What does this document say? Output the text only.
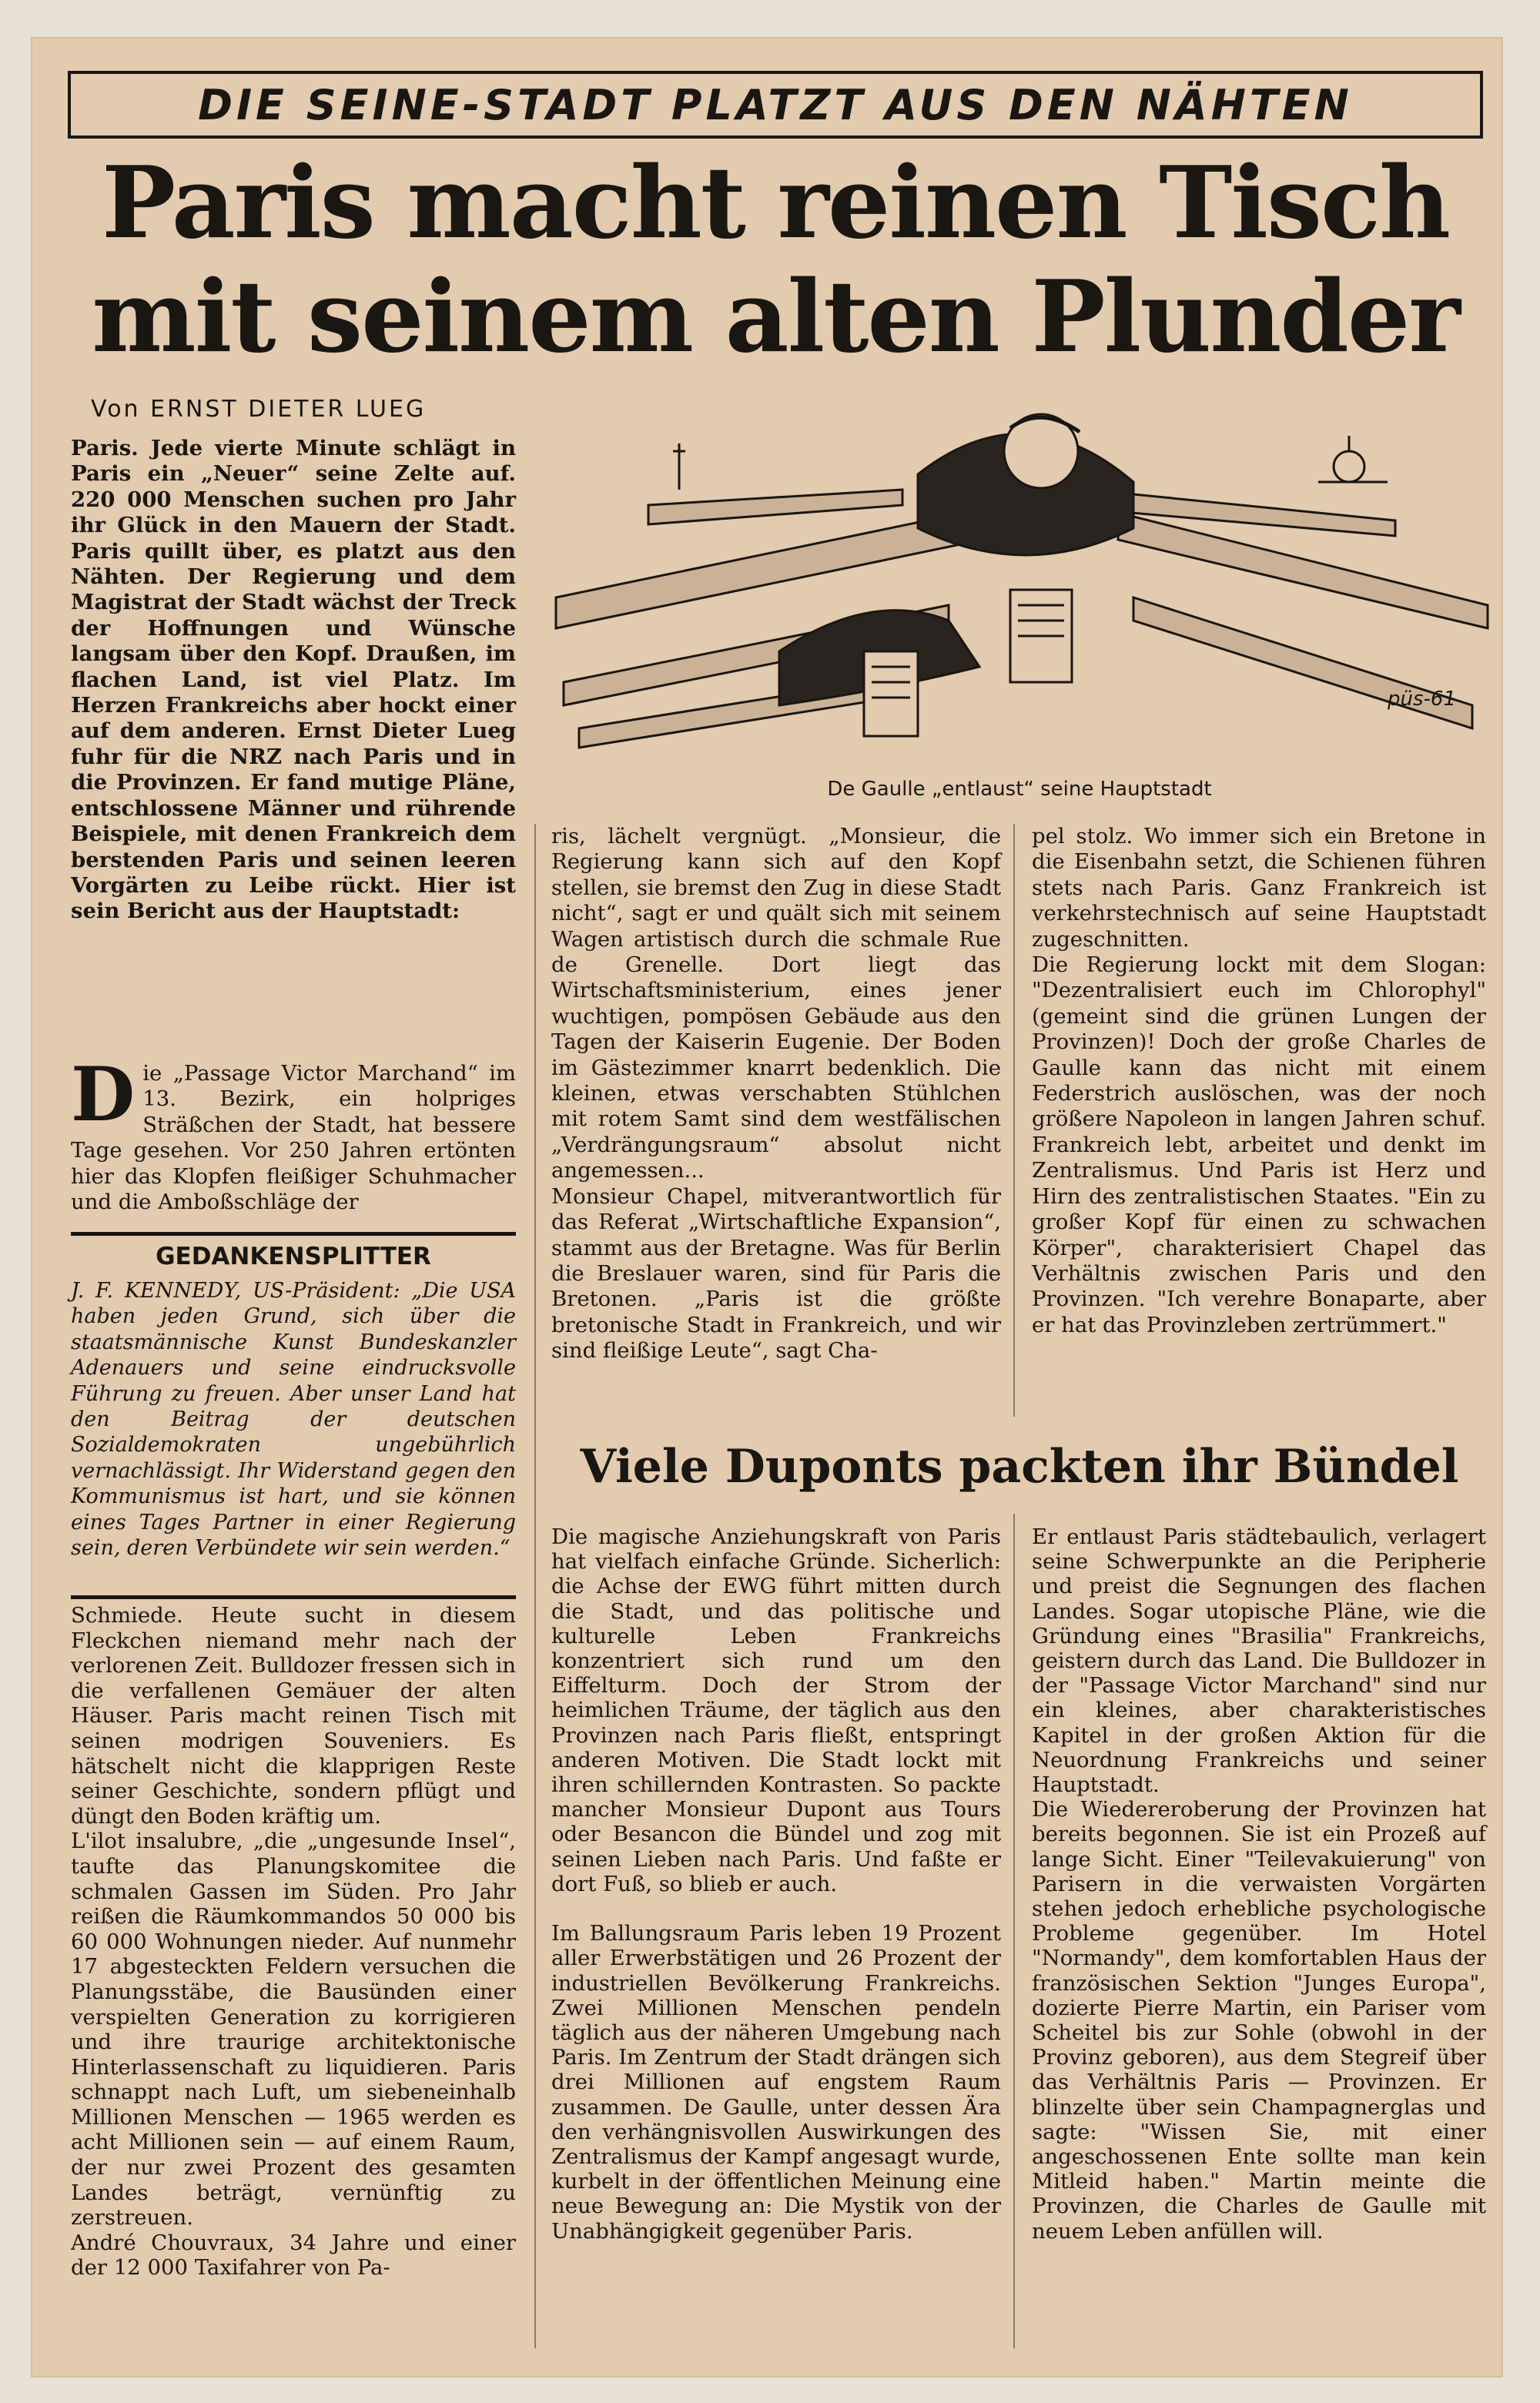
DIE SEINE-STADT PLATZT AUS DEN NÄHTEN
Paris macht reinen Tisch
mit seinem alten Plunder
Von ERNST DIETER LUEG

Paris. Jede vierte Minute schlägt in Paris ein „Neuer“ seine Zelte auf. 220 000 Menschen suchen pro Jahr ihr Glück in den Mauern der Stadt. Paris quillt über, es platzt aus den Nähten. Der Regierung und dem Magistrat der Stadt wächst der Treck der Hoffnungen und Wünsche langsam über den Kopf. Draußen, im flachen Land, ist viel Platz. Im Herzen Frankreichs aber hockt einer auf dem anderen. Ernst Dieter Lueg fuhr für die NRZ nach Paris und in die Provinzen. Er fand mutige Pläne, entschlossene Männer und rührende Beispiele, mit denen Frankreich dem berstenden Paris und seinen leeren Vorgärten zu Leibe rückt. Hier ist sein Bericht aus der Hauptstadt:

D ie „Passage Victor Marchand“ im 13. Bezirk, ein holpriges Sträßchen der Stadt, hat bessere Tage gesehen. Vor 250 Jahren ertönten hier das Klopfen fleißiger Schuhmacher und die Amboßschläge der
GEDANKENSPLITTER

J. F. KENNEDY, US-Präsident: „Die USA haben jeden Grund, sich über die staatsmännische Kunst Bundeskanzler Adenauers und seine eindrucksvolle Führung zu freuen. Aber unser Land hat den Beitrag der deutschen Sozialdemokraten ungebührlich vernachlässigt. Ihr Widerstand gegen den Kommunismus ist hart, und sie können eines Tages Partner in einer Regierung sein, deren Verbündete wir sein werden.“

Schmiede. Heute sucht in diesem Fleckchen niemand mehr nach der verlorenen Zeit. Bulldozer fressen sich in die verfallenen Gemäuer der alten Häuser. Paris macht reinen Tisch mit seinen modrigen Souveniers. Es hätschelt nicht die klapprigen Reste seiner Geschichte, sondern pflügt und düngt den Boden kräftig um.
L'ilot insalubre, „die „ungesunde Insel“, taufte das Planungskomitee die schmalen Gassen im Süden. Pro Jahr reißen die Räumkommandos 50 000 bis 60 000 Wohnungen nieder. Auf nunmehr 17 abgesteckten Feldern versuchen die Planungsstäbe, die Bausünden einer verspielten Generation zu korrigieren und ihre traurige architektonische Hinterlassenschaft zu liquidieren. Paris schnappt nach Luft, um siebeneinhalb Millionen Menschen — 1965 werden es acht Millionen sein — auf einem Raum, der nur zwei Prozent des gesamten Landes beträgt, vernünftig zu zerstreuen.
André Chouvraux, 34 Jahre und einer der 12 000 Taxifahrer von Pa-

püs-61
De Gaulle „entlaust“ seine Hauptstadt

ris, lächelt vergnügt. „Monsieur, die Regierung kann sich auf den Kopf stellen, sie bremst den Zug in diese Stadt nicht“, sagt er und quält sich mit seinem Wagen artistisch durch die schmale Rue de Grenelle. Dort liegt das Wirtschaftsministerium, eines jener wuchtigen, pompösen Gebäude aus den Tagen der Kaiserin Eugenie. Der Boden im Gästezimmer knarrt bedenklich. Die kleinen, etwas verschabten Stühlchen mit rotem Samt sind dem westfälischen „Verdrängungsraum“ absolut nicht angemessen...
Monsieur Chapel, mitverantwortlich für das Referat „Wirtschaftliche Expansion“, stammt aus der Bretagne. Was für Berlin die Breslauer waren, sind für Paris die Bretonen. „Paris ist die größte bretonische Stadt in Frankreich, und wir sind fleißige Leute“, sagt Cha-

pel stolz. Wo immer sich ein Bretone in die Eisenbahn setzt, die Schienen führen stets nach Paris. Ganz Frankreich ist verkehrstechnisch auf seine Hauptstadt zugeschnitten.
Die Regierung lockt mit dem Slogan: "Dezentralisiert euch im Chlorophyl" (gemeint sind die grünen Lungen der Provinzen)! Doch der große Charles de Gaulle kann das nicht mit einem Federstrich auslöschen, was der noch größere Napoleon in langen Jahren schuf. Frankreich lebt, arbeitet und denkt im Zentralismus. Und Paris ist Herz und Hirn des zentralistischen Staates. "Ein zu großer Kopf für einen zu schwachen Körper", charakterisiert Chapel das Verhältnis zwischen Paris und den Provinzen. "Ich verehre Bonaparte, aber er hat das Provinzleben zertrümmert."

Viele Duponts packten ihr Bündel

Die magische Anziehungskraft von Paris hat vielfach einfache Gründe. Sicherlich: die Achse der EWG führt mitten durch die Stadt, und das politische und kulturelle Leben Frankreichs konzentriert sich rund um den Eiffelturm. Doch der Strom der heimlichen Träume, der täglich aus den Provinzen nach Paris fließt, entspringt anderen Motiven. Die Stadt lockt mit ihren schillernden Kontrasten. So packte mancher Monsieur Dupont aus Tours oder Besancon die Bündel und zog mit seinen Lieben nach Paris. Und faßte er dort Fuß, so blieb er auch.

Im Ballungsraum Paris leben 19 Prozent aller Erwerbstätigen und 26 Prozent der industriellen Bevölkerung Frankreichs. Zwei Millionen Menschen pendeln täglich aus der näheren Umgebung nach Paris. Im Zentrum der Stadt drängen sich drei Millionen auf engstem Raum zusammen. De Gaulle, unter dessen Ära den verhängnisvollen Auswirkungen des Zentralismus der Kampf angesagt wurde, kurbelt in der öffentlichen Meinung eine neue Bewegung an: Die Mystik von der Unabhängigkeit gegenüber Paris.

Er entlaust Paris städtebaulich, verlagert seine Schwerpunkte an die Peripherie und preist die Segnungen des flachen Landes. Sogar utopische Pläne, wie die Gründung eines "Brasilia" Frankreichs, geistern durch das Land. Die Bulldozer in der "Passage Victor Marchand" sind nur ein kleines, aber charakteristisches Kapitel in der großen Aktion für die Neuordnung Frankreichs und seiner Hauptstadt.
Die Wiedereroberung der Provinzen hat bereits begonnen. Sie ist ein Prozeß auf lange Sicht. Einer "Teilevakuierung" von Parisern in die verwaisten Vorgärten stehen jedoch erhebliche psychologische Probleme gegenüber. Im Hotel "Normandy", dem komfortablen Haus der französischen Sektion "Junges Europa", dozierte Pierre Martin, ein Pariser vom Scheitel bis zur Sohle (obwohl in der Provinz geboren), aus dem Stegreif über das Verhältnis Paris — Provinzen. Er blinzelte über sein Champagnerglas und sagte: "Wissen Sie, mit einer angeschossenen Ente sollte man kein Mitleid haben." Martin meinte die Provinzen, die Charles de Gaulle mit neuem Leben anfüllen will.
